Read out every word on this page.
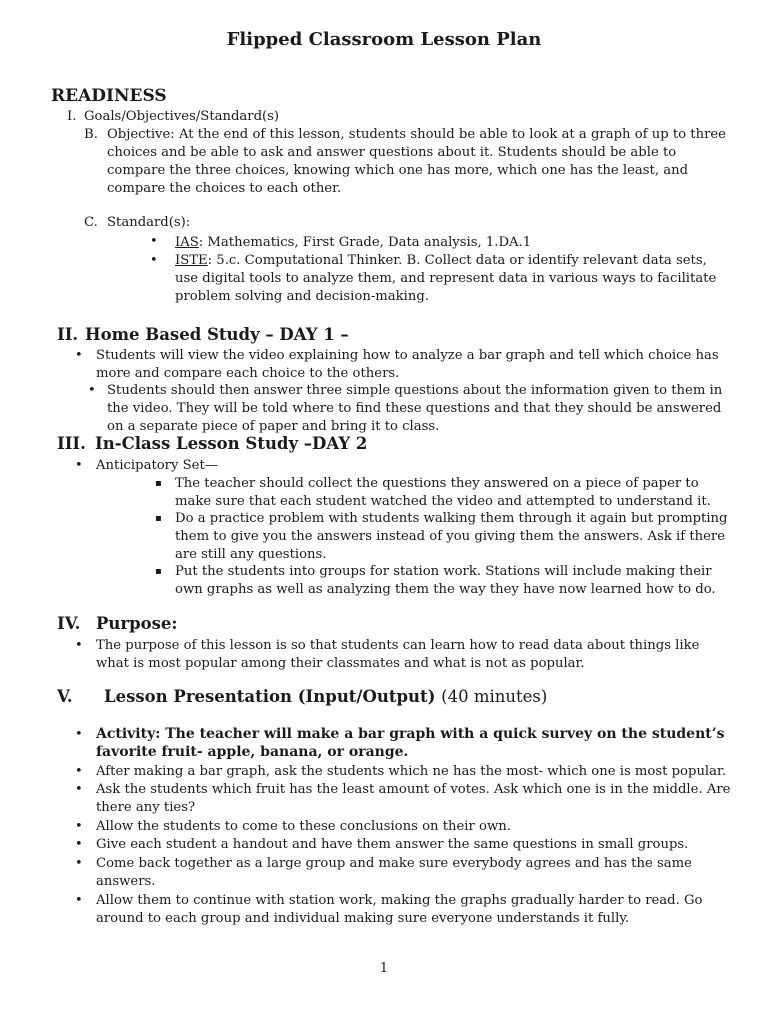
Flipped Classroom Lesson Plan
READINESS
I. Goals/Objectives/Standard(s)
B. Objective: At the end of this lesson, students should be able to look at a graph of up to three
choices and be able to ask and answer questions about it. Students should be able to
compare the three choices, knowing which one has more, which one has the least, and
compare the choices to each other.
C. Standard(s):
• IAS: Mathematics, First Grade, Data analysis, 1.DA.1
• ISTE: 5.c. Computational Thinker. B. Collect data or identify relevant data sets,
use digital tools to analyze them, and represent data in various ways to facilitate
problem solving and decision-making.
II. Home Based Study – DAY 1 –
• Students will view the video explaining how to analyze a bar graph and tell which choice has
more and compare each choice to the others.
• Students should then answer three simple questions about the information given to them in
the video. They will be told where to find these questions and that they should be answered
on a separate piece of paper and bring it to class.
III. In-Class Lesson Study –DAY 2
• Anticipatory Set—
▪ The teacher should collect the questions they answered on a piece of paper to
make sure that each student watched the video and attempted to understand it.
▪ Do a practice problem with students walking them through it again but prompting
them to give you the answers instead of you giving them the answers. Ask if there
are still any questions.
▪ Put the students into groups for station work. Stations will include making their
own graphs as well as analyzing them the way they have now learned how to do.
IV. Purpose:
• The purpose of this lesson is so that students can learn how to read data about things like
what is most popular among their classmates and what is not as popular.
V. Lesson Presentation (Input/Output) (40 minutes)
• Activity: The teacher will make a bar graph with a quick survey on the student’s
favorite fruit- apple, banana, or orange.
• After making a bar graph, ask the students which ne has the most- which one is most popular.
• Ask the students which fruit has the least amount of votes. Ask which one is in the middle. Are
there any ties?
• Allow the students to come to these conclusions on their own.
• Give each student a handout and have them answer the same questions in small groups.
• Come back together as a large group and make sure everybody agrees and has the same
answers.
• Allow them to continue with station work, making the graphs gradually harder to read. Go
around to each group and individual making sure everyone understands it fully.
1
